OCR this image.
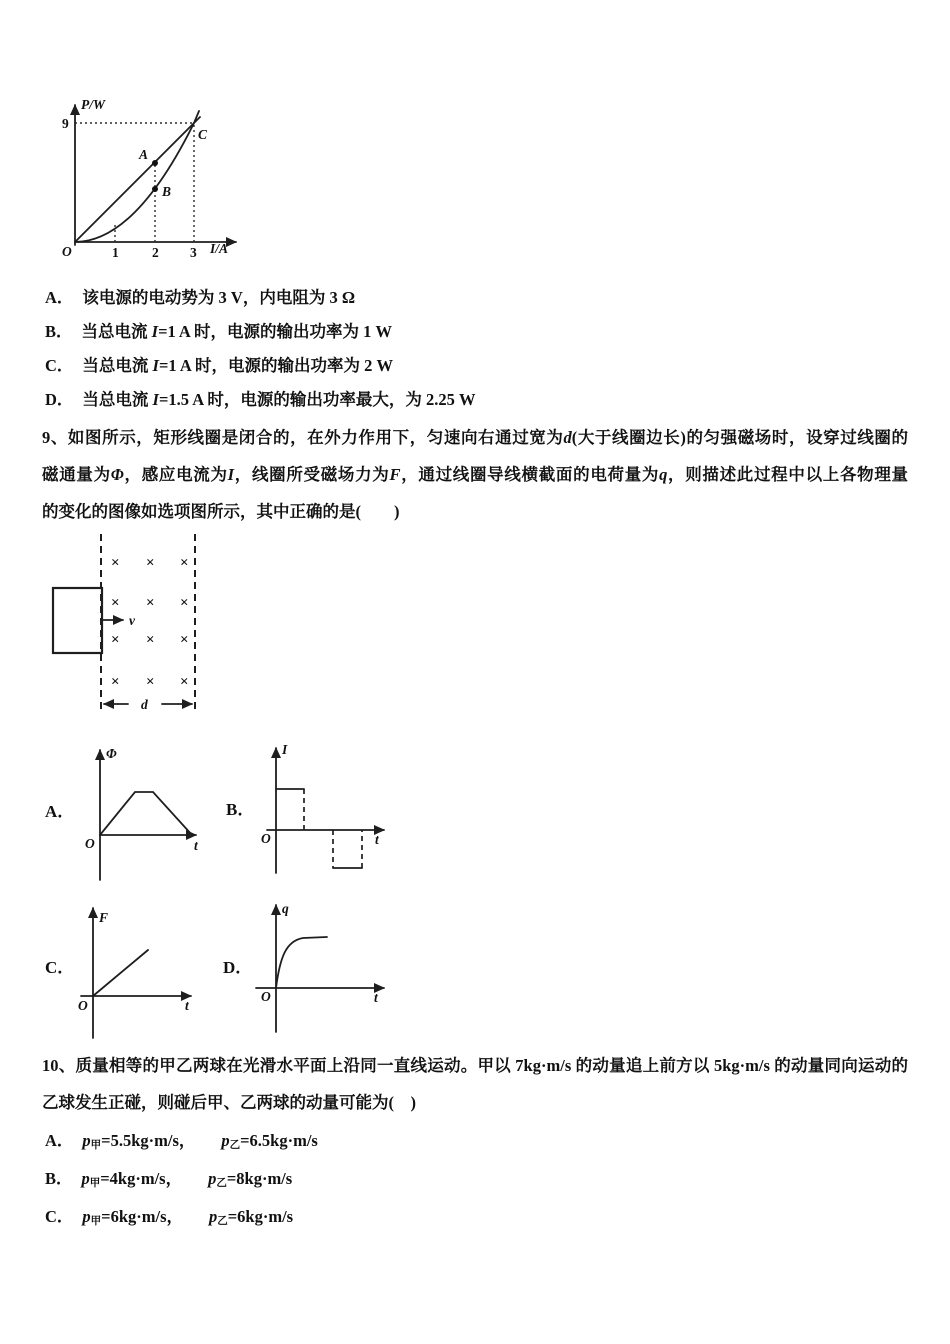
P/W
I/A
9
O	1 2 3
A
B
C
A． 该电源的电动势为 3 V，内电阻为 3 Ω
B． 当总电流 I=1 A 时，电源的输出功率为 1 W
C． 当总电流 I=1 A 时，电源的输出功率为 2 W
D． 当总电流 I=1.5 A 时，电源的输出功率最大，为 2.25 W
9、如图所示，矩形线圈是闭合的，在外力作用下，匀速向右通过宽为d(大于线圈边长)的匀强磁场时，设穿过线圈的
磁通量为Φ，感应电流为I，线圈所受磁场力为F，通过线圈导线横截面的电荷量为q，则描述此过程中以上各物理量
的变化的图像如选项图所示，其中正确的是(　　)
v
× × ×
× × ×
× × ×
× × ×
d
A．
Φ
O	t
B．
I
O	t
C．
F
O	t
D．
q
O	t
10、质量相等的甲乙两球在光滑水平面上沿同一直线运动。甲以 7kg·m/s 的动量追上前方以 5kg·m/s 的动量同向运动的
乙球发生正碰，则碰后甲、乙两球的动量可能为(　)
A． p甲=5.5kg·m/s， p乙=6.5kg·m/s
B． p甲=4kg·m/s， p乙=8kg·m/s
C． p甲=6kg·m/s， p乙=6kg·m/s
